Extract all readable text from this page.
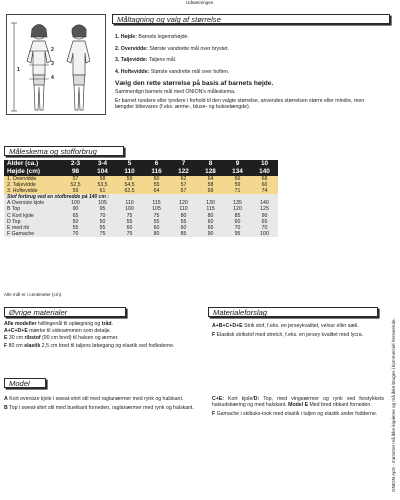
Udsætningen.
1
2
3
4
Måltagning og valg af størrelse
1. Højde: Barnets legemshøjde.
2. Overvidde: Største vandrette mål over brystet.
3. Taljevidde: Taljens mål.
4. Hoftevidde: Største vandrette mål over hoften.
Vælg den rette størrelse på basis af barnets højde.
Sammenlign barnets mål med ONION's måleskema.
Er barnet rundere eller tyndere i forhold til den valgte størrelse, anvendes størrelsen større eller mindre, men længder bibevares (f.eks. ærme-, bluse- og bukselængde).
Måleskema og stofforbrug
Alder (ca.)	2-3	3-4	5	6	7	8	9	10
Højde (cm)	98	104	110	116	122	128	134	140
1. Overvidde	57	58	59	60	62	64	66	68
2. Taljevidde	52,5	53,5	54,5	55	57	58	59	60
3. Hoftevidde	59	61	62,5	64	67	69	71	74
Stof forbrug ved en stofbredde på 140 cm :								
A Oversize kjole	100	105	110	115	120	130	135	140
B Top	90	95	100	105	110	115	120	125
C Kort kjole	65	70	75	75	80	80	85	90
D Top	50	50	55	55	55	60	60	65
E med rib	55	55	60	60	60	65	70	70
F Gamache	70	75	75	80	85	90	95	100
Alle mål er i centimeter (cm).
Øvrige materialer
Alle modeller tvillingenål til oplægning og tråd.
A+C+D+E mærke til sidesømmen som detalje.
E 30 cm ribstof (90 cm bred) til halsen og ærmer.
F 80 cm elastik 2,5 cm bred til taljens løbegang og elastik ved fodlederne.
Materialeforslag
A+B+C+D+E Strik stof, f.eks. en jerseykvalitet, velour eller sæli.
F Elastisk strikstof med stretch, f.eks. en jersey kvalitet med lycra.
Model
A Kort oversize kjole i sweat-shirt stil med raglanærmer med rynk og halskant.
B Top i sweat-shirt stil med buetkant forneden, raglanærmer med rynk og halskant.
C+E: Kort kjole/D: Top, med vingeærmer og rynk ved forstykkets halsudskæring og med halskant. Model E Med bred ribkant forneden.
F Gamache i skibuks-look med elastik i taljen og elastik under fodderne.	ONION ApS - mønstret må ikke kopieres og må ikke bruges i kommerciel henseende.
